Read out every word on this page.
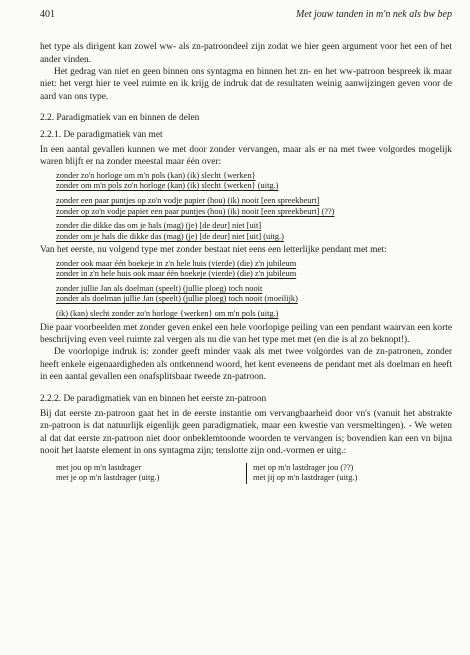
401	Met jouw tanden in m'n nek als bw bep

het type als dirigent kan zowel ww- als zn-patroondeel zijn zodat we hier geen argument voor het een of het ander vinden.

Het gedrag van niet en geen binnen ons syntagma en binnen het zn- en het ww-patroon bespreek ik maar niet: het vergt hier te veel ruimte en ik krijg de indruk dat de resultaten weinig aanwijzingen geven voor de aard van ons type.

2.2. Paradigmatiek van en binnen de delen

2.2.1. De paradigmatiek van met

In een aantal gevallen kunnen we met door zonder vervangen, maar als er na met twee volgordes mogelijk waren blijft er na zonder meestal maar één over:

zonder zo'n horloge om m'n pols (kan) (ik) slecht {werken}
zonder om m'n pols zo'n horloge (kan) (ik) slecht {werken} (uitg.)
zonder een paar puntjes op zo'n vodje papier (hou) (ik) nooit [een spreekbeurt]
zonder op zo'n vodje papier een paar puntjes (hou) (ik) nooit [een spreekbeurt] (??)
zonder die dikke das om je hals (mag) (je) [de deur] niet [uit]
zonder om je hals die dikke das (mag) (je) [de deur] niet [uit] (uitg.)

Van het eerste, nu volgend type met zonder bestaat niet eens een letterlijke pendant met met:

zonder ook maar één boekeje in z'n hele huis (vierde) (die) z'n jubileum
zonder in z'n hele huis ook maar één boekeje (vierde) (die) z'n jubileum
zonder jullie Jan als doelman (speelt) (jullie ploeg) toch nooit
zonder als doelman jullie Jan (speelt) (jullie ploeg) toch nooit (moeilijk)
(ik) (kan) slecht zonder zo'n horloge {werken} om m'n pols (uitg.)

Die paar voorbeelden met zonder geven enkel een hele voorlopige peiling van een pendant waarvan een korte beschrijving even veel ruimte zal vergen als nu die van het type met met (en die is al zo beknopt!).

De voorlopige indruk is: zonder geeft minder vaak als met twee volgordes van de zn-patronen, zonder heeft enkele eigenaardigheden als ontkennend woord, het kent eveneens de pendant met als doelman en heeft in een aantal gevallen een onafsplitsbaar tweede zn-patroon.

2.2.2. De paradigmatiek van en binnen het eerste zn-patroon

Bij dat eerste zn-patroon gaat het in de eerste instantie om vervangbaarheid door vn's (vanuit het abstrakte zn-patroon is dat natuurlijk eigenlijk geen paradigmatiek, maar een kwestie van versmeltingen). - We weten al dat dat eerste zn-patroon niet door onbeklemtoonde woorden te vervangen is; bovendien kan een vn bijna nooit het laatste element in ons syntagma zijn; tenslotte zijn ond.-vormen er uitg.:

met jou op m'n lastdrager
met je op m'n lastdrager (uitg.)
met op m'n lastdrager jou (??)
met jij op m'n lastdrager (uitg.)
